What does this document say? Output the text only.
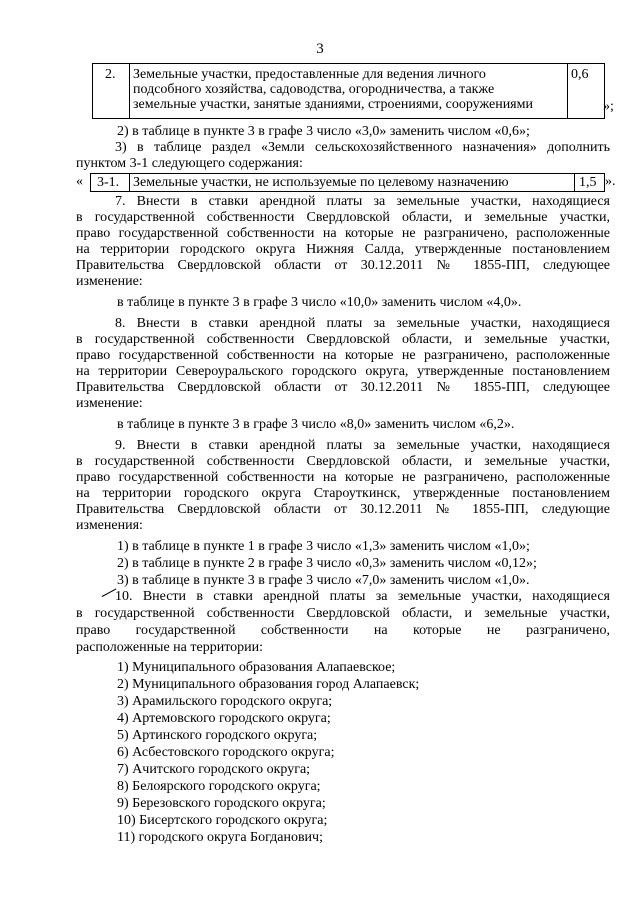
3
2. Земельные участки, предоставленные для ведения личного
подсобного хозяйства, садоводства, огородничества, а также
земельные участки, занятые зданиями, строениями, сооружениями
0,6
»;
2) в таблице в пункте 3 в графе 3 число «3,0» заменить числом «0,6»;
3) в таблице раздел «Земли сельскохозяйственного назначения» дополнить
пунктом 3-1 следующего содержания:
« 3-1. Земельные участки, не используемые по целевому назначению	1,5 ».
7. Внести в ставки арендной платы за земельные участки, находящиеся
в государственной собственности Свердловской области, и земельные участки,
право государственной собственности на которые не разграничено, расположенные
на территории городского округа Нижняя Салда, утвержденные постановлением
Правительства Свердловской области от 30.12.2011 № 1855-ПП, следующее
изменение:
в таблице в пункте 3 в графе 3 число «10,0» заменить числом «4,0».
8. Внести в ставки арендной платы за земельные участки, находящиеся
в государственной собственности Свердловской области, и земельные участки,
право государственной собственности на которые не разграничено, расположенные
на территории Североуральского городского округа, утвержденные постановлением
Правительства Свердловской области от 30.12.2011 № 1855-ПП, следующее
изменение:
в таблице в пункте 3 в графе 3 число «8,0» заменить числом «6,2».
9. Внести в ставки арендной платы за земельные участки, находящиеся
в государственной собственности Свердловской области, и земельные участки,
право государственной собственности на которые не разграничено, расположенные
на территории городского округа Староуткинск, утвержденные постановлением
Правительства Свердловской области от 30.12.2011 № 1855-ПП, следующие
изменения:
1) в таблице в пункте 1 в графе 3 число «1,3» заменить числом «1,0»;
2) в таблице в пункте 2 в графе 3 число «0,3» заменить числом «0,12»;
3) в таблице в пункте 3 в графе 3 число «7,0» заменить числом «1,0».
10. Внести в ставки арендной платы за земельные участки, находящиеся
в государственной собственности Свердловской области, и земельные участки,
право государственной собственности на которые не разграничено,
расположенные на территории:
1) Муниципального образования Алапаевское;
2) Муниципального образования город Алапаевск;
3) Арамильского городского округа;
4) Артемовского городского округа;
5) Артинского городского округа;
6) Асбестовского городского округа;
7) Ачитского городского округа;
8) Белоярского городского округа;
9) Березовского городского округа;
10) Бисертского городского округа;
11) городского округа Богданович;
